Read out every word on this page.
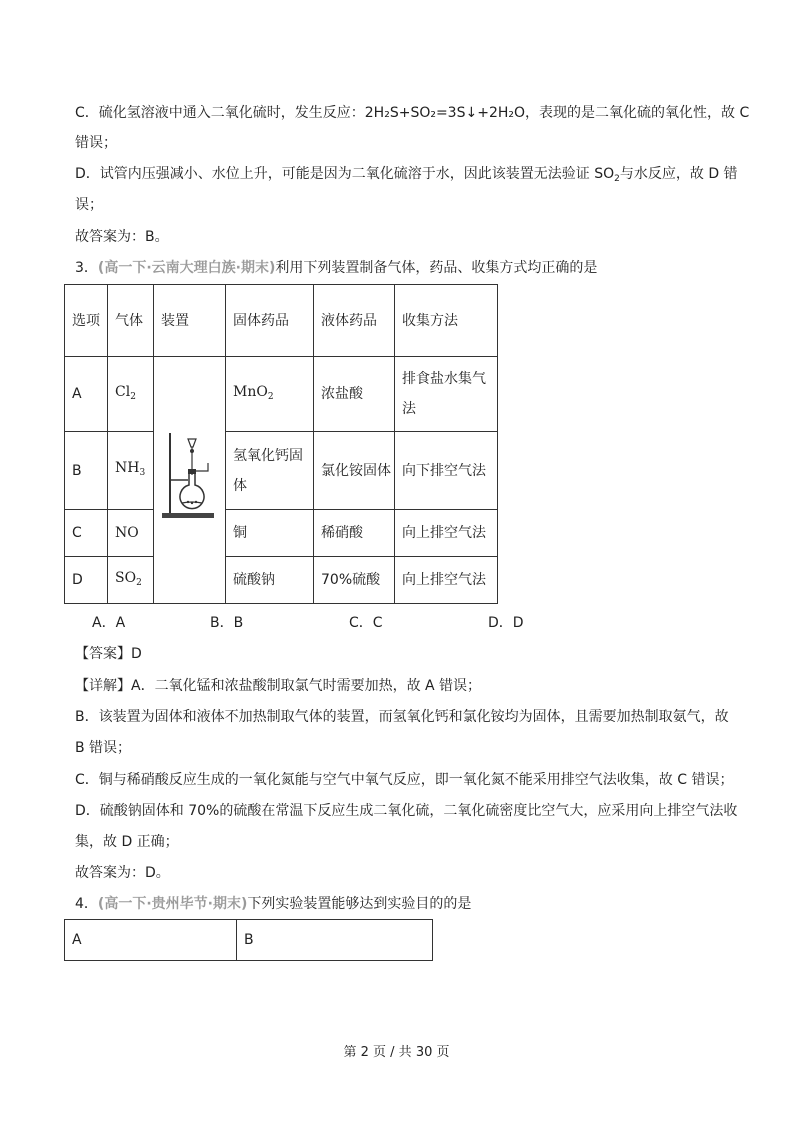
C．硫化氢溶液中通入二氧化硫时，发生反应：2H₂S+SO₂=3S↓+2H₂O，表现的是二氧化硫的氧化性，故 C
错误；
D．试管内压强减小、水位上升，可能是因为二氧化硫溶于水，因此该装置无法验证 $SO_2$与水反应，故 D 错
误；
故答案为：B。
3．(高一下·云南大理白族·期末)利用下列装置制备气体，药品、收集方式均正确的是
选项	气体	装置	固体药品	液体药品	收集方法
A	$Cl_2$		MnO$_2$	浓盐酸	排食盐水集气法
B	$NH_3$		氢氧化钙固体	氯化铵固体	向下排空气法
C	NO		铜	稀硝酸	向上排空气法
D	$SO_2$		硫酸钠	70%硫酸	向上排空气法
A．A	B．B	C．C	D．D
【答案】D
【详解】A．二氧化锰和浓盐酸制取氯气时需要加热，故 A 错误；
B．该装置为固体和液体不加热制取气体的装置，而氢氧化钙和氯化铵均为固体，且需要加热制取氨气，故
B 错误；
C．铜与稀硝酸反应生成的一氧化氮能与空气中氧气反应，即一氧化氮不能采用排空气法收集，故 C 错误；
D．硫酸钠固体和 70%的硫酸在常温下反应生成二氧化硫，二氧化硫密度比空气大，应采用向上排空气法收
集，故 D 正确；
故答案为：D。
4．(高一下·贵州毕节·期末)下列实验装置能够达到实验目的的是
A	B
第 2 页 / 共 30 页
